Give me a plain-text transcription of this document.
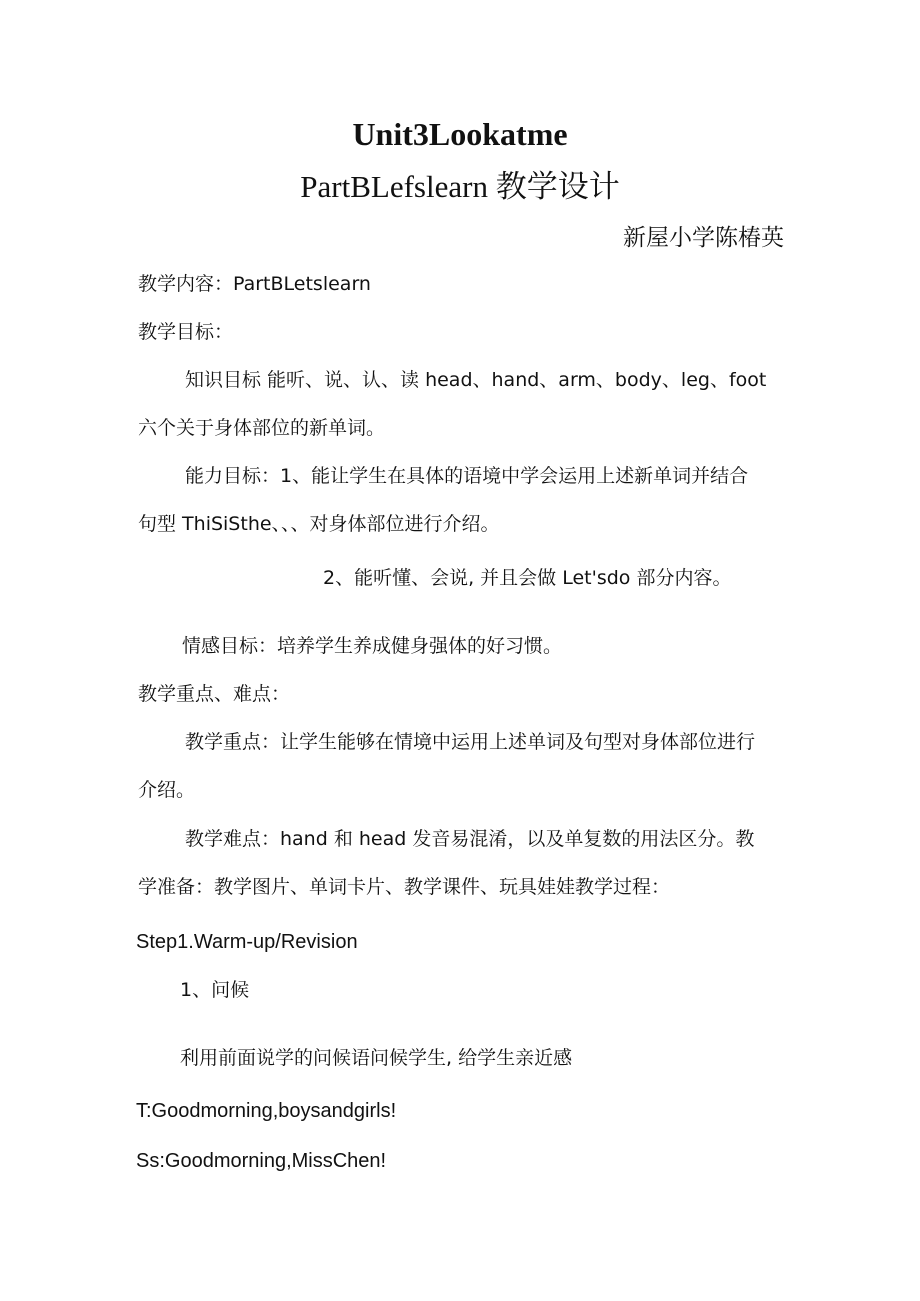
Unit3Lookatme
PartBLefslearn 教学设计
新屋小学陈椿英
教学内容：PartBLetslearn
教学目标：
知识目标 能听、说、认、读 head、hand、arm、body、leg、foot
六个关于身体部位的新单词。
能力目标：1、能让学生在具体的语境中学会运用上述新单词并结合
句型 ThiSiSthe、、、对身体部位进行介绍。
2、能听懂、会说, 并且会做 Let'sdo 部分内容。
情感目标：培养学生养成健身强体的好习惯。
教学重点、难点：
教学重点：让学生能够在情境中运用上述单词及句型对身体部位进行
介绍。
教学难点：hand 和 head 发音易混淆，以及单复数的用法区分。教
学准备：教学图片、单词卡片、教学课件、玩具娃娃教学过程：
Step1.Warm-up/Revision
1、问候
利用前面说学的问候语问候学生, 给学生亲近感
T:Goodmorning,boysandgirls!
Ss:Goodmorning,MissChen!
